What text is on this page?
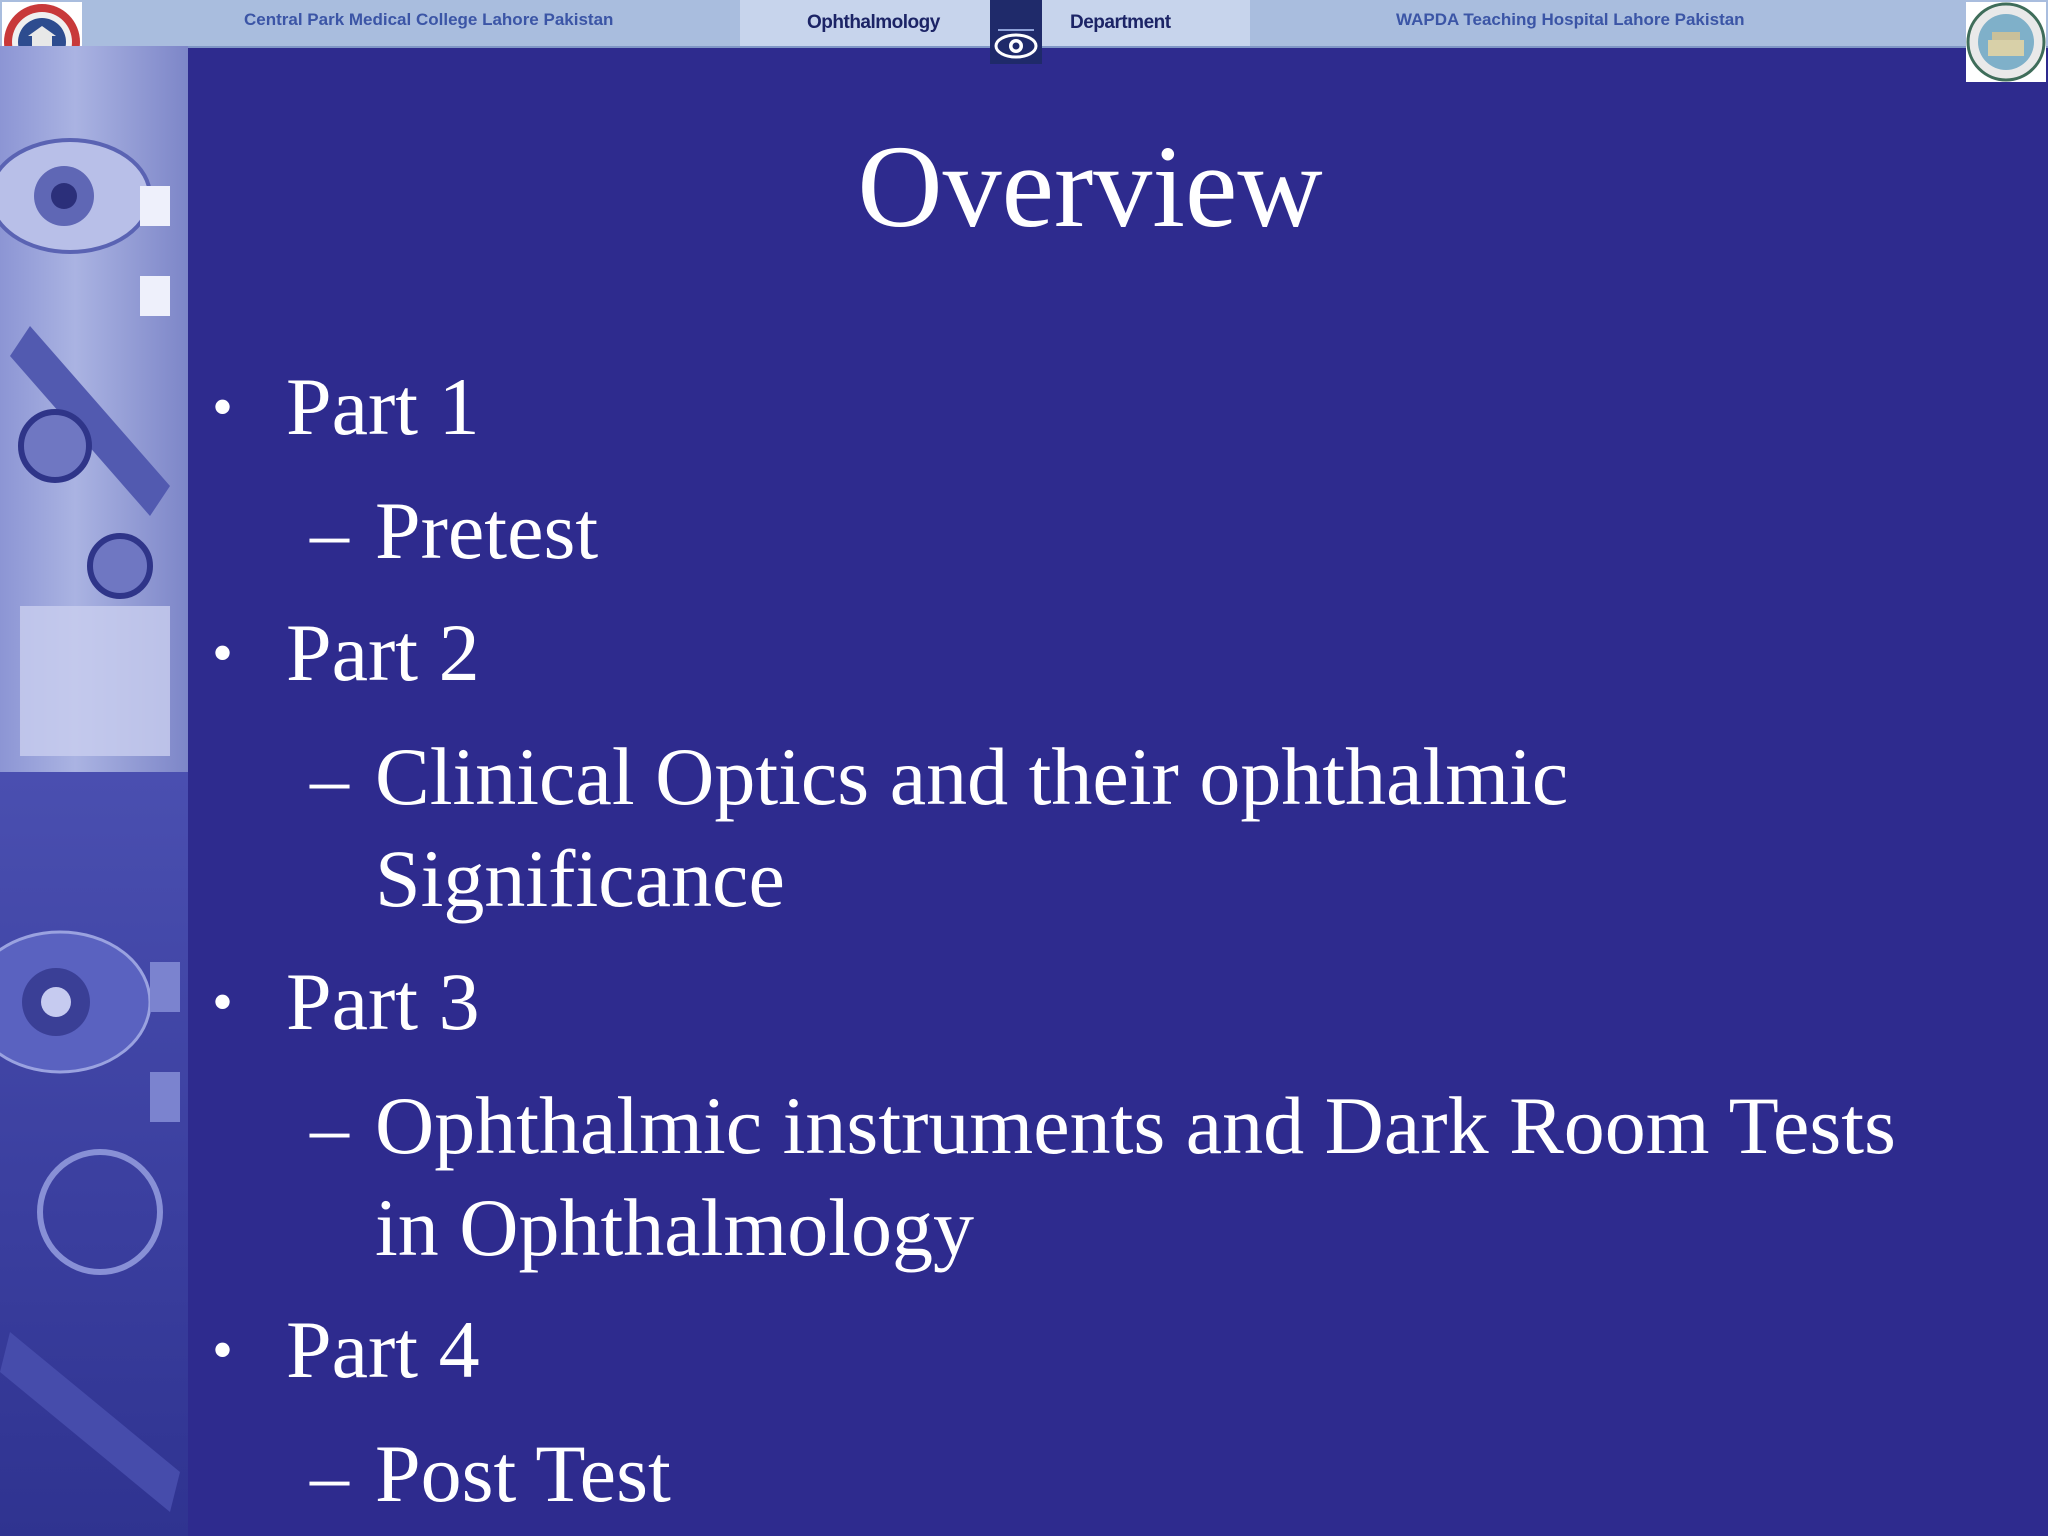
Central Park Medical College Lahore Pakistan	Ophthalmology	Department	WAPDA Teaching Hospital Lahore Pakistan
Overview
• Part 1
– Pretest
• Part 2
– Clinical Optics and their ophthalmic
Significance
• Part 3
– Ophthalmic instruments and Dark Room Tests
in Ophthalmology
• Part 4
– Post Test
